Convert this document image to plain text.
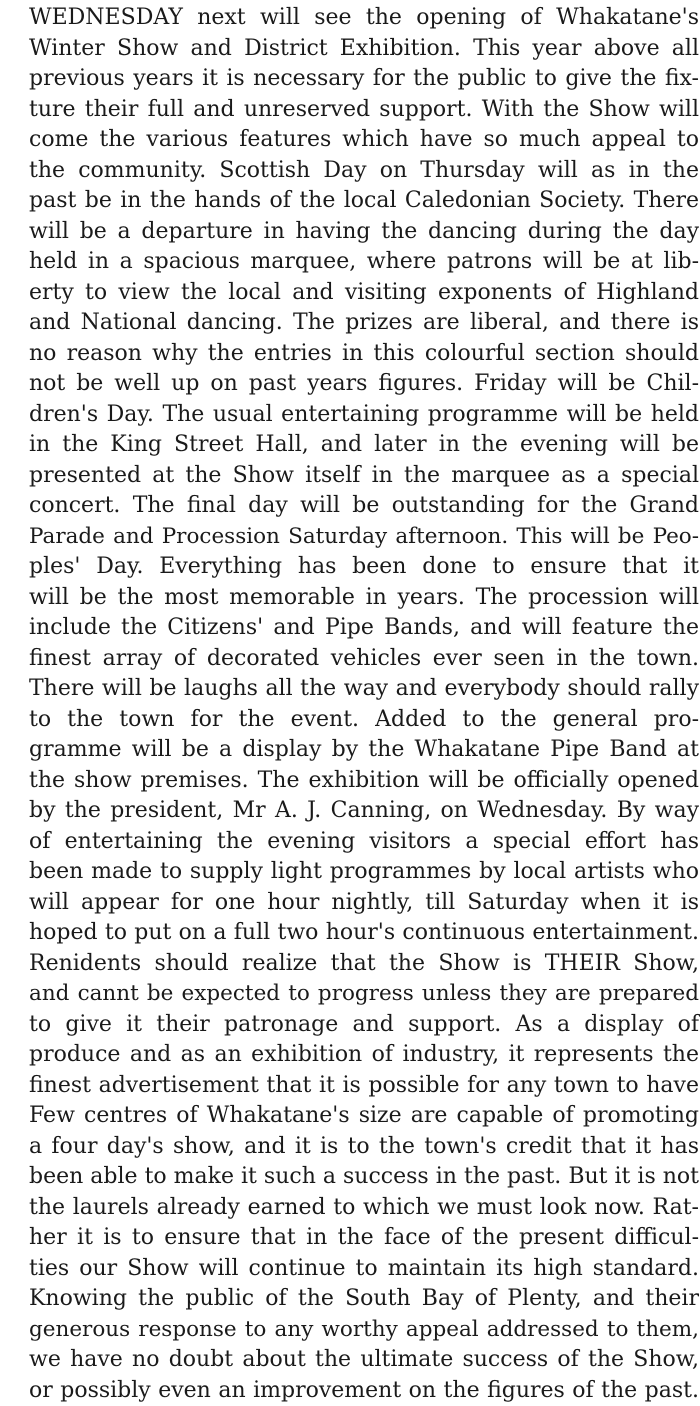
WEDNESDAY next will see the opening of Whakatane's
Winter Show and District Exhibition. This year above all
previous years it is necessary for the public to give the fix-
ture their full and unreserved support. With the Show will
come the various features which have so much appeal to
the community. Scottish Day on Thursday will as in the
past be in the hands of the local Caledonian Society. There
will be a departure in having the dancing during the day
held in a spacious marquee, where patrons will be at lib-
erty to view the local and visiting exponents of Highland
and National dancing. The prizes are liberal, and there is
no reason why the entries in this colourful section should
not be well up on past years figures. Friday will be Chil-
dren's Day. The usual entertaining programme will be held
in the King Street Hall, and later in the evening will be
presented at the Show itself in the marquee as a special
concert. The final day will be outstanding for the Grand
Parade and Procession Saturday afternoon. This will be Peo-
ples' Day. Everything has been done to ensure that it
will be the most memorable in years. The procession will
include the Citizens' and Pipe Bands, and will feature the
finest array of decorated vehicles ever seen in the town.
There will be laughs all the way and everybody should rally
to the town for the event. Added to the general pro-
gramme will be a display by the Whakatane Pipe Band at
the show premises. The exhibition will be officially opened
by the president, Mr A. J. Canning, on Wednesday. By way
of entertaining the evening visitors a special effort has
been made to supply light programmes by local artists who
will appear for one hour nightly, till Saturday when it is
hoped to put on a full two hour's continuous entertainment.
Renidents should realize that the Show is THEIR Show,
and cannt be expected to progress unless they are prepared
to give it their patronage and support. As a display of
produce and as an exhibition of industry, it represents the
finest advertisement that it is possible for any town to have
Few centres of Whakatane's size are capable of promoting
a four day's show, and it is to the town's credit that it has
been able to make it such a success in the past. But it is not
the laurels already earned to which we must look now. Rat-
her it is to ensure that in the face of the present difficul-
ties our Show will continue to maintain its high standard.
Knowing the public of the South Bay of Plenty, and their
generous response to any worthy appeal addressed to them,
we have no doubt about the ultimate success of the Show,
or possibly even an improvement on the figures of the past.
